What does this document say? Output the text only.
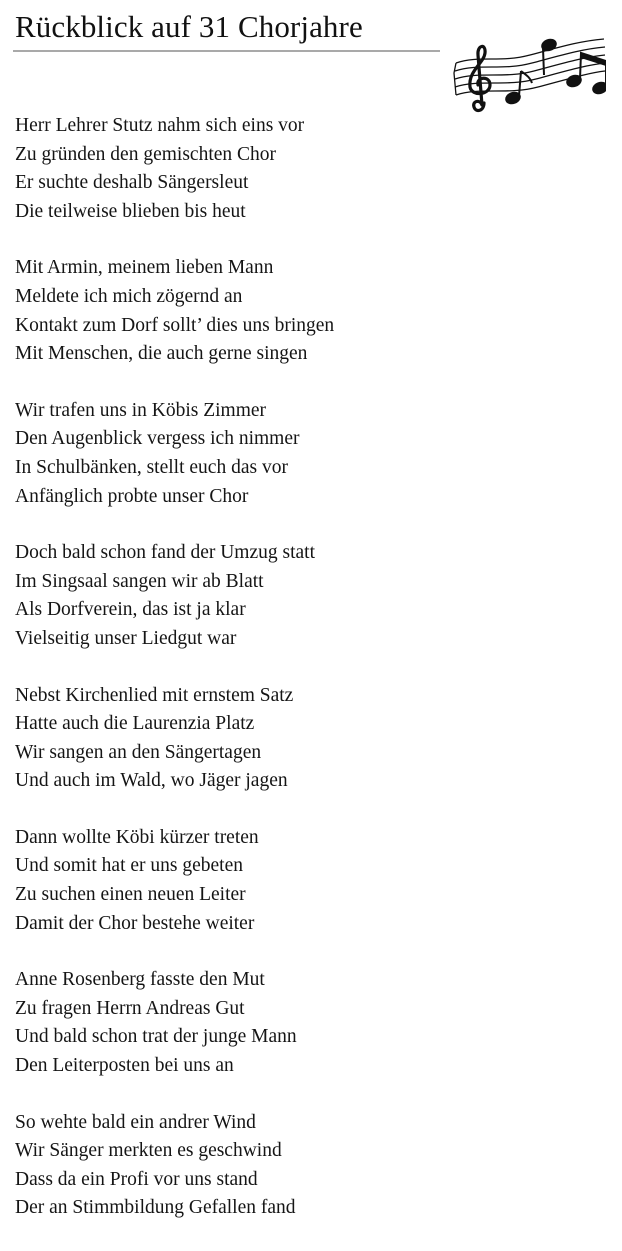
Rückblick auf 31 Chorjahre
Herr Lehrer Stutz nahm sich eins vor
Zu gründen den gemischten Chor
Er suchte deshalb Sängersleut
Die teilweise blieben bis heut
Mit Armin, meinem lieben Mann
Meldete ich mich zögernd an
Kontakt zum Dorf sollt’ dies uns bringen
Mit Menschen, die auch gerne singen
Wir trafen uns in Köbis Zimmer
Den Augenblick vergess ich nimmer
In Schulbänken, stellt euch das vor
Anfänglich probte unser Chor
Doch bald schon fand der Umzug statt
Im Singsaal sangen wir ab Blatt
Als Dorfverein, das ist ja klar
Vielseitig unser Liedgut war
Nebst Kirchenlied mit ernstem Satz
Hatte auch die Laurenzia Platz
Wir sangen an den Sängertagen
Und auch im Wald, wo Jäger jagen
Dann wollte Köbi kürzer treten
Und somit hat er uns gebeten
Zu suchen einen neuen Leiter
Damit der Chor bestehe weiter
Anne Rosenberg fasste den Mut
Zu fragen Herrn Andreas Gut
Und bald schon trat der junge Mann
Den Leiterposten bei uns an
So wehte bald ein andrer Wind
Wir Sänger merkten es geschwind
Dass da ein Profi vor uns stand
Der an Stimmbildung Gefallen fand
